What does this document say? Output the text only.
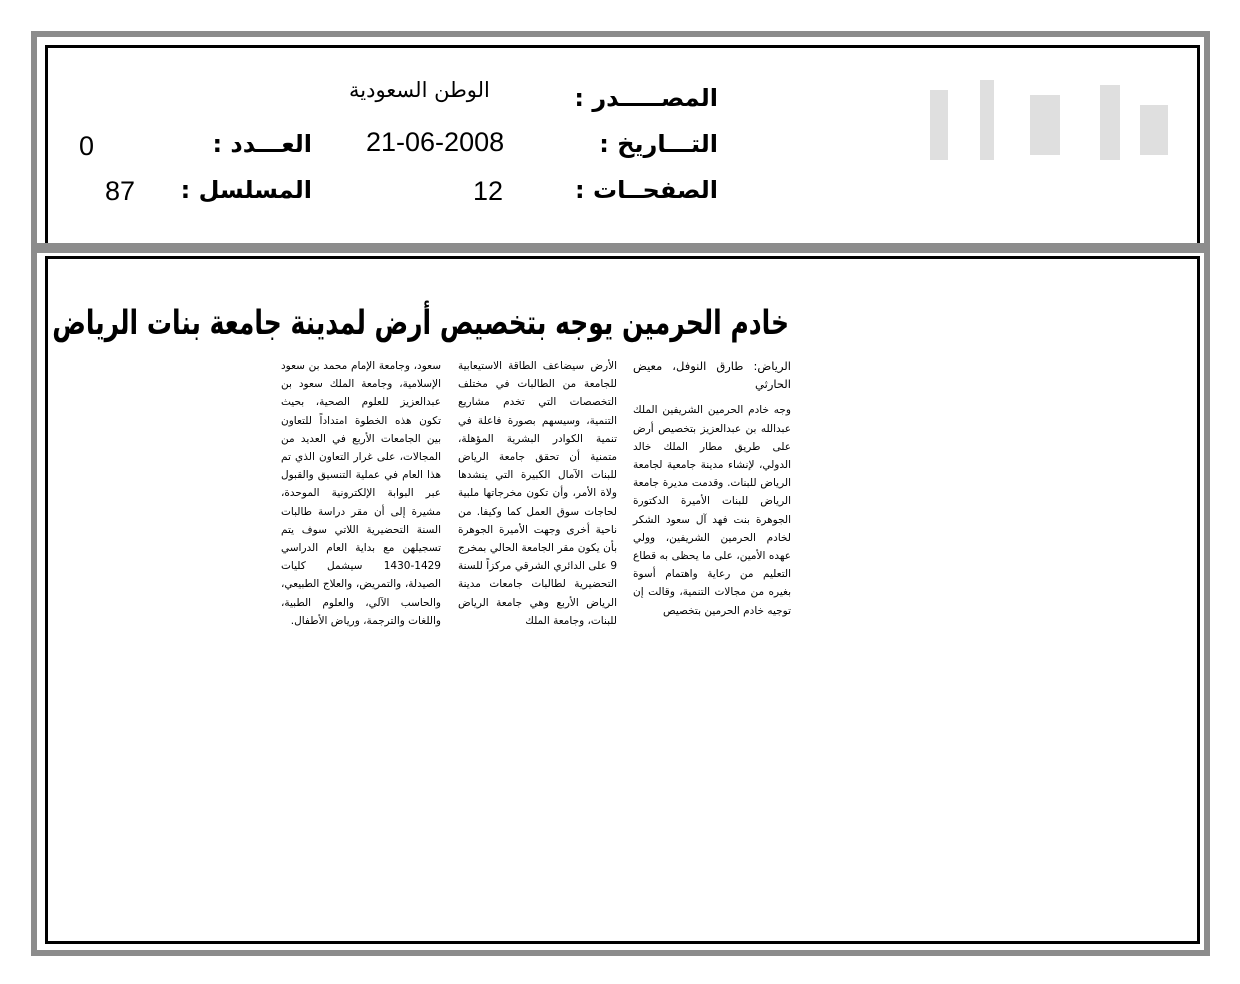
المصـــــدر :
الوطن السعودية
التـــاريخ :
21-06-2008
الصفحــات :
12
العـــدد :
0
المسلسل :
87
خادم الحرمين يوجه بتخصيص أرض لمدينة جامعة بنات الرياض

الرياض: طارق النوفل، معيض الحارثي

وجه خادم الحرمين الشريفين الملك عبدالله بن عبدالعزيز بتخصيص أرض على طريق مطار الملك خالد الدولي، لإنشاء مدينة جامعية لجامعة الرياض للبنات. وقدمت مديرة جامعة الرياض للبنات الأميرة الدكتورة الجوهرة بنت فهد آل سعود الشكر لخادم الحرمين الشريفين، وولي عهده الأمين، على ما يحظى به قطاع التعليم من رعاية واهتمام أسوة بغيره من مجالات التنمية، وقالت إن توجيه خادم الحرمين بتخصيص

الأرض سيضاعف الطاقة الاستيعابية للجامعة من الطالبات في مختلف التخصصات التي تخدم مشاريع التنمية، وسيسهم بصورة فاعلة في تنمية الكوادر البشرية المؤهلة، متمنية أن تحقق جامعة الرياض للبنات الآمال الكبيرة التي ينشدها ولاة الأمر، وأن تكون مخرجاتها ملبية لحاجات سوق العمل كما وكيفا. من ناحية أخرى وجهت الأميرة الجوهرة بأن يكون مقر الجامعة الحالي بمخرج 9 على الدائري الشرقي مركزاً للسنة التحضيرية لطالبات جامعات مدينة الرياض الأربع وهي جامعة الرياض للبنات، وجامعة الملك

سعود، وجامعة الإمام محمد بن سعود الإسلامية، وجامعة الملك سعود بن عبدالعزيز للعلوم الصحية، بحيث تكون هذه الخطوة امتداداً للتعاون بين الجامعات الأربع في العديد من المجالات، على غرار التعاون الذي تم هذا العام في عملية التنسيق والقبول عبر البوابة الإلكترونية الموحدة، مشيرة إلى أن مقر دراسة طالبات السنة التحضيرية اللاتي سوف يتم تسجيلهن مع بداية العام الدراسي 1429-1430 سيشمل كليات الصيدلة، والتمريض، والعلاج الطبيعي، والحاسب الآلي، والعلوم الطبية، واللغات والترجمة، ورياض الأطفال.
